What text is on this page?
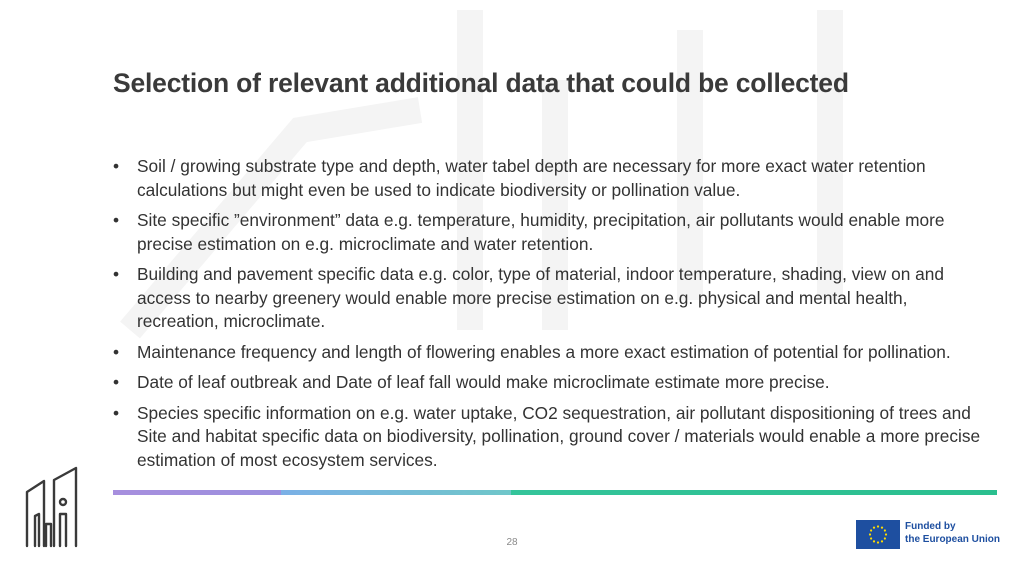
Selection of relevant additional data that could be collected
• Soil / growing substrate type and depth, water tabel depth are necessary for more exact water retention calculations but might even be used to indicate biodiversity or pollination value.
• Site specific ”environment” data e.g. temperature, humidity, precipitation, air pollutants would enable more precise estimation on e.g. microclimate and water retention.
• Building and pavement specific data e.g. color, type of material, indoor temperature, shading, view on and access to nearby greenery would enable more precise estimation on e.g. physical and mental health, recreation, microclimate.
• Maintenance frequency and length of flowering enables a more exact estimation of potential for pollination.
• Date of leaf outbreak and Date of leaf fall would make microclimate estimate more precise.
• Species specific information on e.g. water uptake, CO2 sequestration, air pollutant dispositioning of trees and Site and habitat specific data on biodiversity, pollination, ground cover / materials would enable a more precise estimation of most ecosystem services.
28
Funded by
the European Union
